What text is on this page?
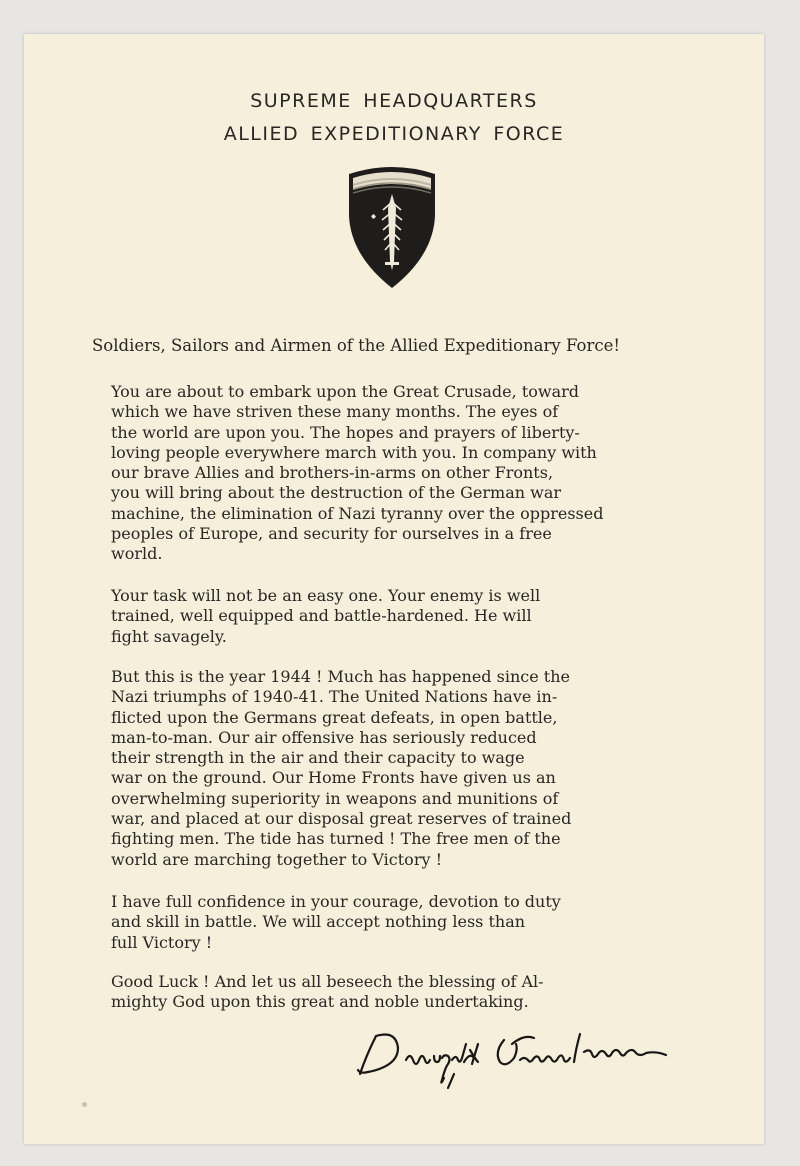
SUPREME HEADQUARTERS
ALLIED EXPEDITIONARY FORCE
Soldiers, Sailors and Airmen of the Allied Expeditionary Force!
You are about to embark upon the Great Crusade, toward
which we have striven these many months. The eyes of
the world are upon you. The hopes and prayers of liberty-
loving people everywhere march with you. In company with
our brave Allies and brothers-in-arms on other Fronts,
you will bring about the destruction of the German war
machine, the elimination of Nazi tyranny over the oppressed
peoples of Europe, and security for ourselves in a free
world.
Your task will not be an easy one. Your enemy is well
trained, well equipped and battle-hardened. He will
fight savagely.
But this is the year 1944 ! Much has happened since the
Nazi triumphs of 1940-41. The United Nations have in-
flicted upon the Germans great defeats, in open battle,
man-to-man. Our air offensive has seriously reduced
their strength in the air and their capacity to wage
war on the ground. Our Home Fronts have given us an
overwhelming superiority in weapons and munitions of
war, and placed at our disposal great reserves of trained
fighting men. The tide has turned ! The free men of the
world are marching together to Victory !
I have full confidence in your courage, devotion to duty
and skill in battle. We will accept nothing less than
full Victory !
Good Luck ! And let us all beseech the blessing of Al-
mighty God upon this great and noble undertaking.
